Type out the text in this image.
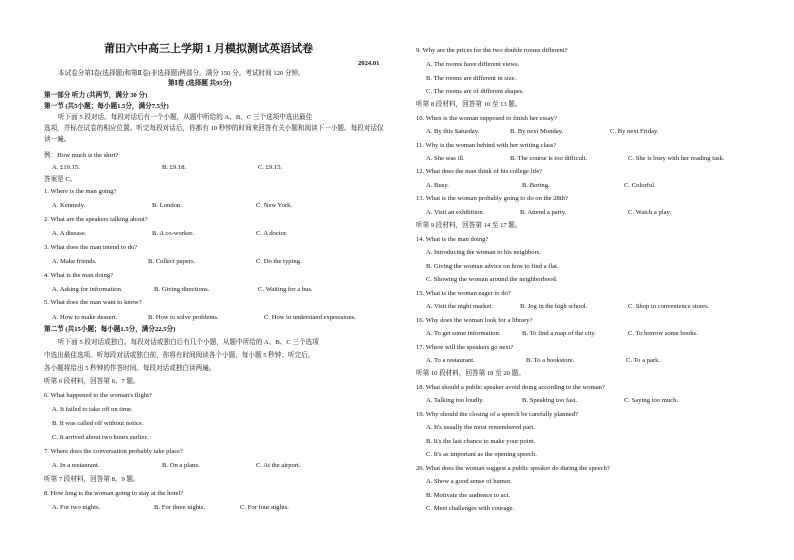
莆田六中高三上学期 1 月模拟测试英语试卷
2024.01
本试卷分第Ⅰ卷(选择题)和第Ⅱ卷(非选择题)两部分。满分 150 分。考试时间 120 分钟。
第Ⅰ卷 (选择题 共95分)
第一部分 听力 (共两节，满分 30 分)
第一节 (共5小题；每小题1.5分，满分7.5分)
听下面 5 段对话。每段对话后有一个小题，从题中所给的 A、B、C 三个选项中选出最佳
选项，并标在试卷的相应位置。听完每段对话后，你都有 10 秒钟的时间来回答有关小题和阅读下一小题。每段对话仅
读一遍。
例：How much is the shirt?
A. £19.15.	B. £9.18.	C. £9.15.
答案是 C。
1. Where is the man going?
A. Kennedy.	B. London.	C. New York.
2. What are the speakers talking about?
A. A disease.	B. A co-worker.	C. A doctor.
3. What does the man intend to do?
A. Make friends.	B. Collect papers.	C. Do the typing.
4. What is the man doing?
A. Asking for information.	B. Giving directions.	C. Waiting for a bus.
5. What does the man want to know?
A. How to make dessert.	B. How to solve problems.	C. How to understand expressions.
第二节 (共15小题；每小题1.5分，满分22.5分)
听下面 5 段对话或独白。每段对话或独白后有几个小题，从题中所给的 A、B、C 三个选项
中选出最佳选项。听每段对话或独白前，你将有时间阅读各个小题，每小题 5 秒钟；听完后，
各小题将给出 5 秒钟的作答时间。每段对话或独白读两遍。
听第 6 段材料，回答第 6、7 题。
6. What happened to the woman's flight?
A. It failed to take off on time.
B. It was called off without notice.
C. It arrived about two hours earlier.
7. Where does the conversation probably take place?
A. In a restaurant.	B. On a plane.	C. At the airport.
听第 7 段材料，回答第 8、9 题。
8. How long is the woman going to stay at the hotel?
A. For two nights.	B. For three nights.	C. For four nights.
9. Why are the prices for the two double rooms different?
A. The rooms have different views.
B. The rooms are different in size.
C. The rooms are of different shapes.
听第 8 段材料，回答第 10 至 13 题。
10. When is the woman supposed to finish her essay?
A. By this Saturday.	B. By next Monday.	C. By next Friday.
11. Why is the woman behind with her writing class?
A. She was ill.	B. The course is too difficult.	C. She is busy with her reading task.
12. What does the man think of his college life?
A. Busy.	B. Boring.	C. Colorful.
13. What is the woman probably going to do on the 28th?
A. Visit an exhibition.	B. Attend a party.	C. Watch a play.
听第 9 段材料，回答第 14 至 17 题。
14. What is the man doing?
A. Introducing the woman to his neighbors.
B. Giving the woman advice on how to find a flat.
C. Showing the woman around the neighborhood.
15. What is the woman eager to do?
A. Visit the night market.	B. Jog in the high school.	C. Shop in convenience stores.
16. Why does the woman look for a library?
A. To get some information.	B. To find a map of the city.	C. To borrow some books.
17. Where will the speakers go next?
A. To a restaurant.	B. To a bookstore.	C. To a park.
听第 10 段材料，回答第 18 至 20 题。
18. What should a public speaker avoid doing according to the woman?
A. Talking too loudly.	B. Speaking too fast.	C. Saying too much.
19. Why should the closing of a speech be carefully planned?
A. It's usually the most remembered part.
B. It's the last chance to make your point.
C. It's as important as the opening speech.
20. What does the woman suggest a public speaker do during the speech?
A. Show a good sense of humor.
B. Motivate the audience to act.
C. Meet challenges with courage.
